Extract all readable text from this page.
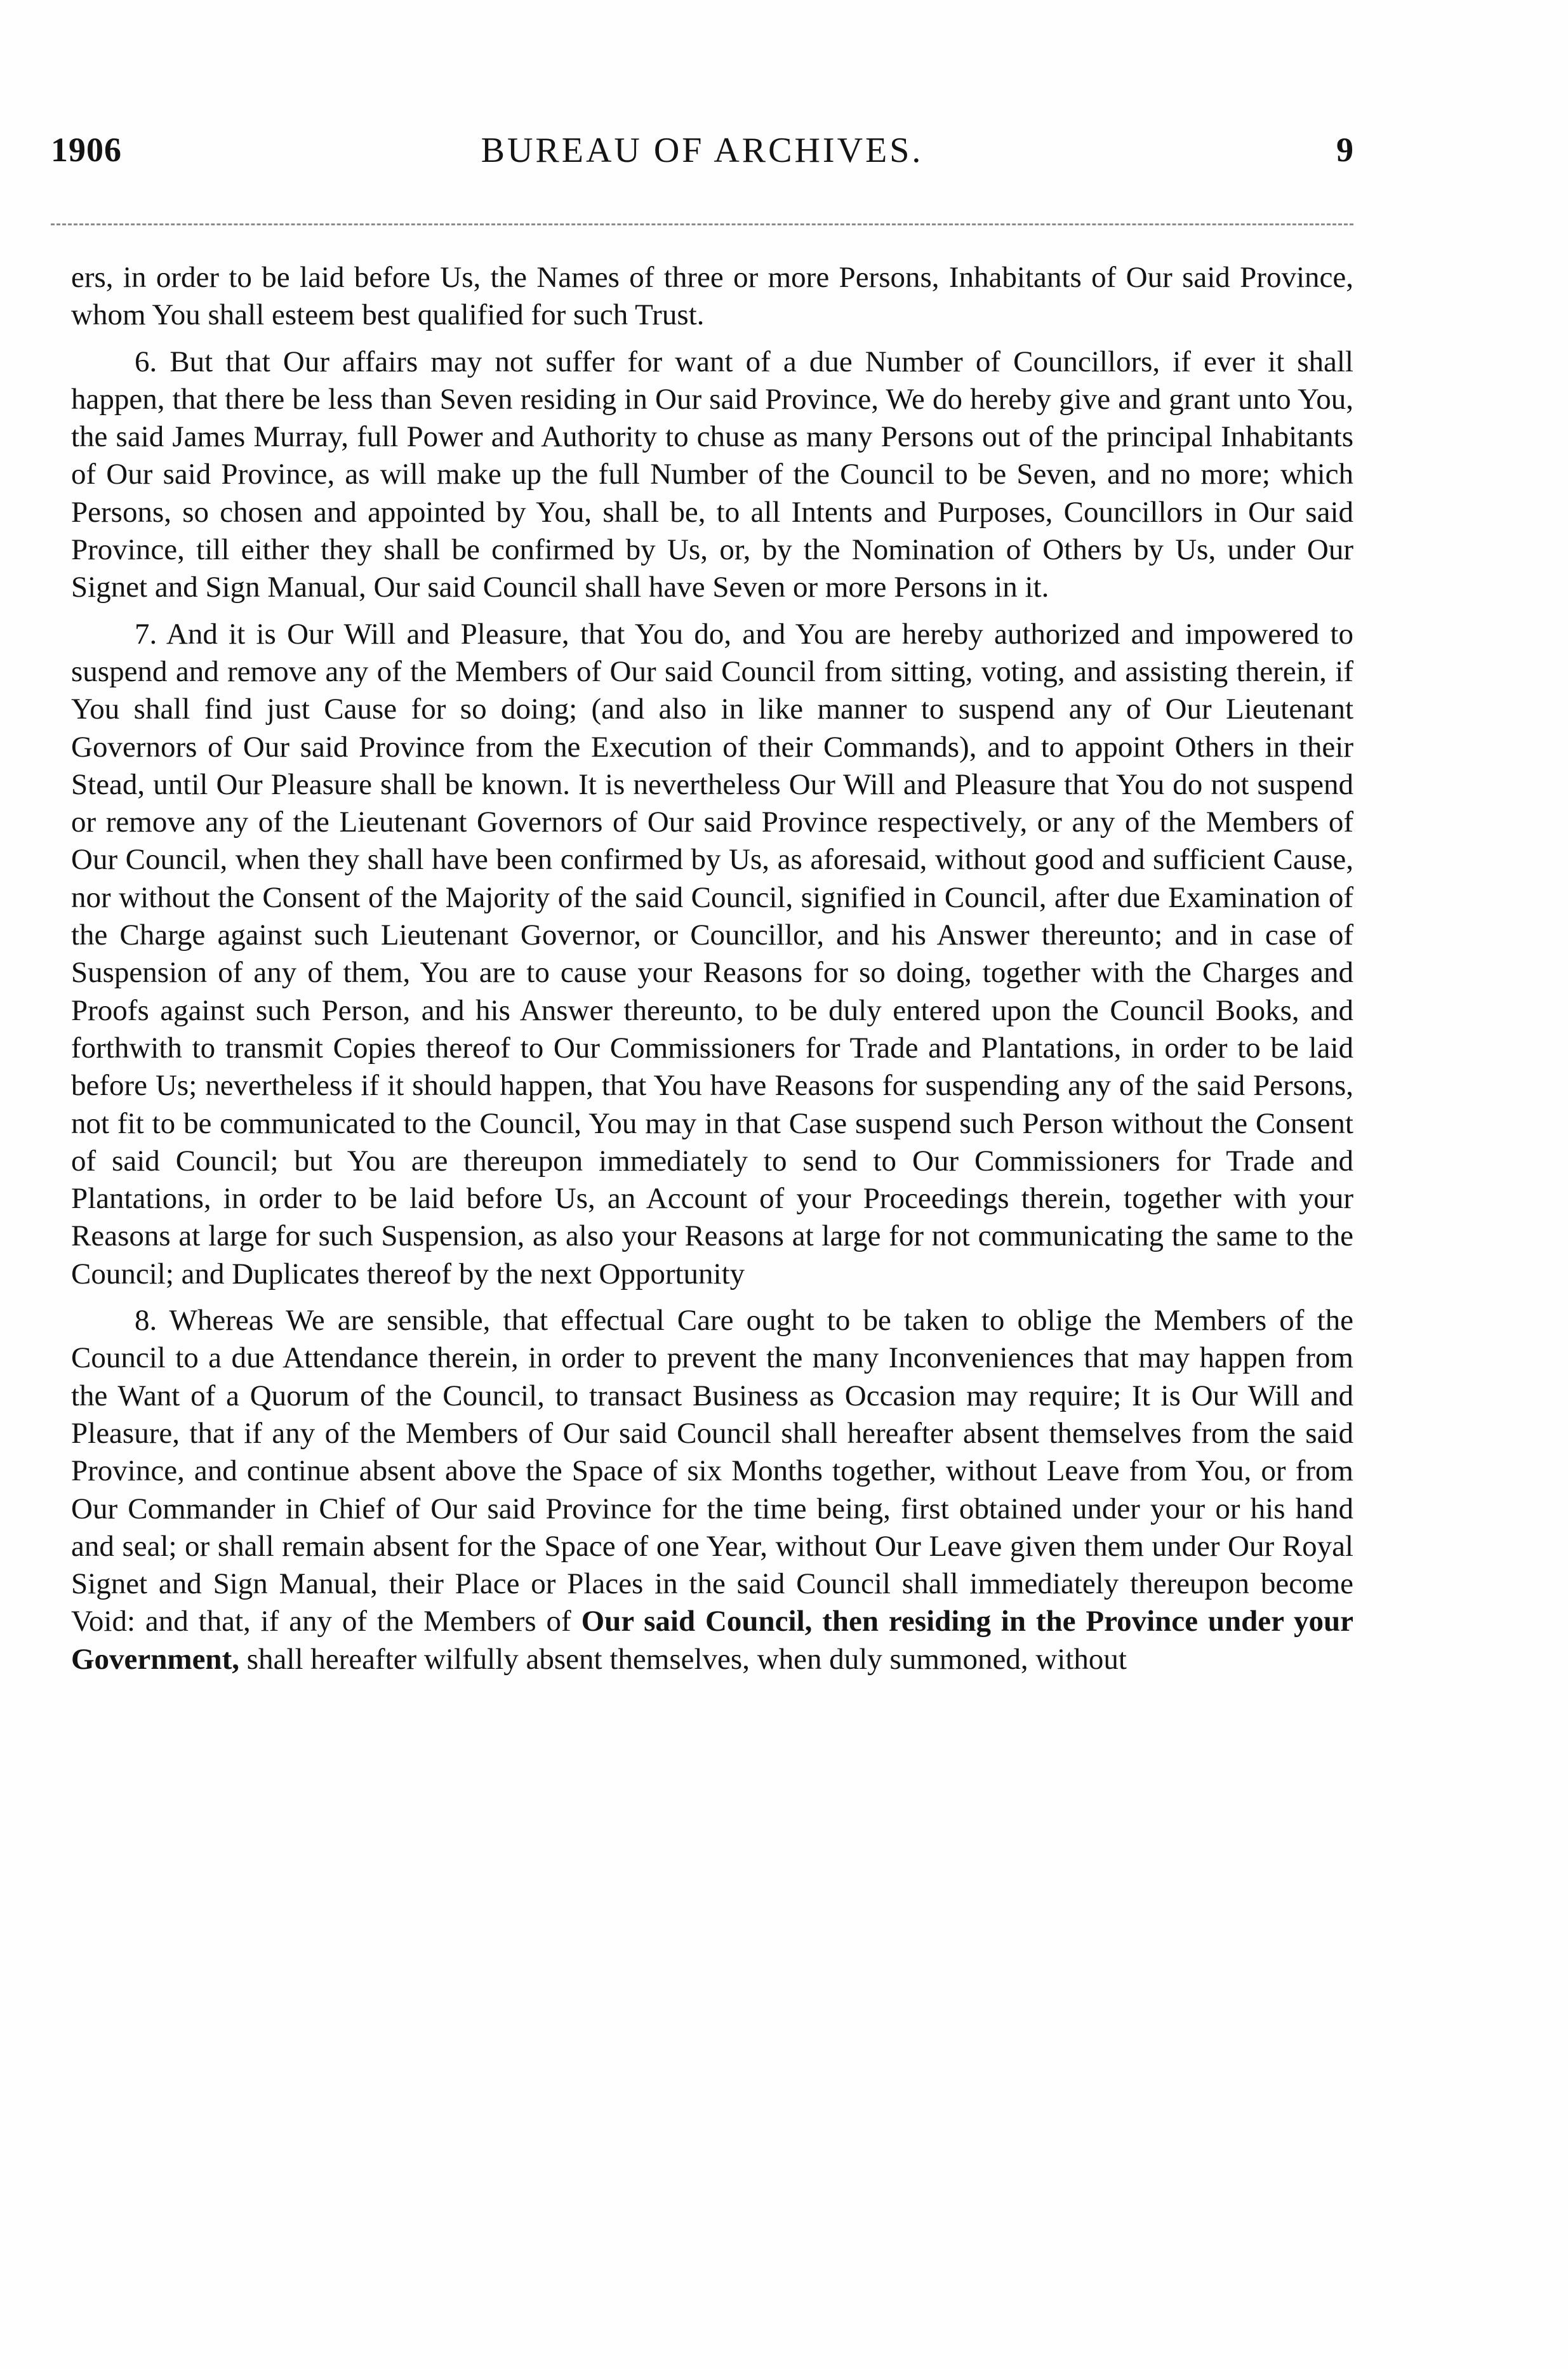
1906	BUREAU OF ARCHIVES.	9

ers, in order to be laid before Us, the Names of three or more Persons, Inhabitants of Our said Province, whom You shall esteem best qualified for such Trust.

6. But that Our affairs may not suffer for want of a due Number of Councillors, if ever it shall happen, that there be less than Seven residing in Our said Province, We do hereby give and grant unto You, the said James Murray, full Power and Authority to chuse as many Persons out of the principal Inhabitants of Our said Province, as will make up the full Number of the Council to be Seven, and no more; which Persons, so chosen and appointed by You, shall be, to all Intents and Purposes, Councillors in Our said Province, till either they shall be confirmed by Us, or, by the Nomination of Others by Us, under Our Signet and Sign Manual, Our said Council shall have Seven or more Persons in it.

7. And it is Our Will and Pleasure, that You do, and You are hereby authorized and impowered to suspend and remove any of the Members of Our said Council from sitting, voting, and assisting therein, if You shall find just Cause for so doing; (and also in like manner to suspend any of Our Lieutenant Governors of Our said Province from the Execution of their Commands), and to appoint Others in their Stead, until Our Pleasure shall be known. It is nevertheless Our Will and Pleasure that You do not suspend or remove any of the Lieutenant Governors of Our said Province respectively, or any of the Members of Our Council, when they shall have been confirmed by Us, as aforesaid, without good and sufficient Cause, nor without the Consent of the Majority of the said Council, signified in Council, after due Examination of the Charge against such Lieutenant Governor, or Councillor, and his Answer thereunto; and in case of Suspension of any of them, You are to cause your Reasons for so doing, together with the Charges and Proofs against such Person, and his Answer thereunto, to be duly entered upon the Council Books, and forthwith to transmit Copies thereof to Our Commissioners for Trade and Plantations, in order to be laid before Us; nevertheless if it should happen, that You have Reasons for suspending any of the said Persons, not fit to be communicated to the Council, You may in that Case suspend such Person without the Consent of said Council; but You are thereupon immediately to send to Our Commissioners for Trade and Plantations, in order to be laid before Us, an Account of your Proceedings therein, together with your Reasons at large for such Suspension, as also your Reasons at large for not communicating the same to the Council; and Duplicates thereof by the next Opportunity

8. Whereas We are sensible, that effectual Care ought to be taken to oblige the Members of the Council to a due Attendance therein, in order to prevent the many Inconveniences that may happen from the Want of a Quorum of the Council, to transact Business as Occasion may require; It is Our Will and Pleasure, that if any of the Members of Our said Council shall hereafter absent themselves from the said Province, and continue absent above the Space of six Months together, without Leave from You, or from Our Commander in Chief of Our said Province for the time being, first obtained under your or his hand and seal; or shall remain absent for the Space of one Year, without Our Leave given them under Our Royal Signet and Sign Manual, their Place or Places in the said Council shall immediately thereupon become Void: and that, if any of the Members of Our said Council, then residing in the Province under your Government, shall hereafter wilfully absent themselves, when duly summoned, without
